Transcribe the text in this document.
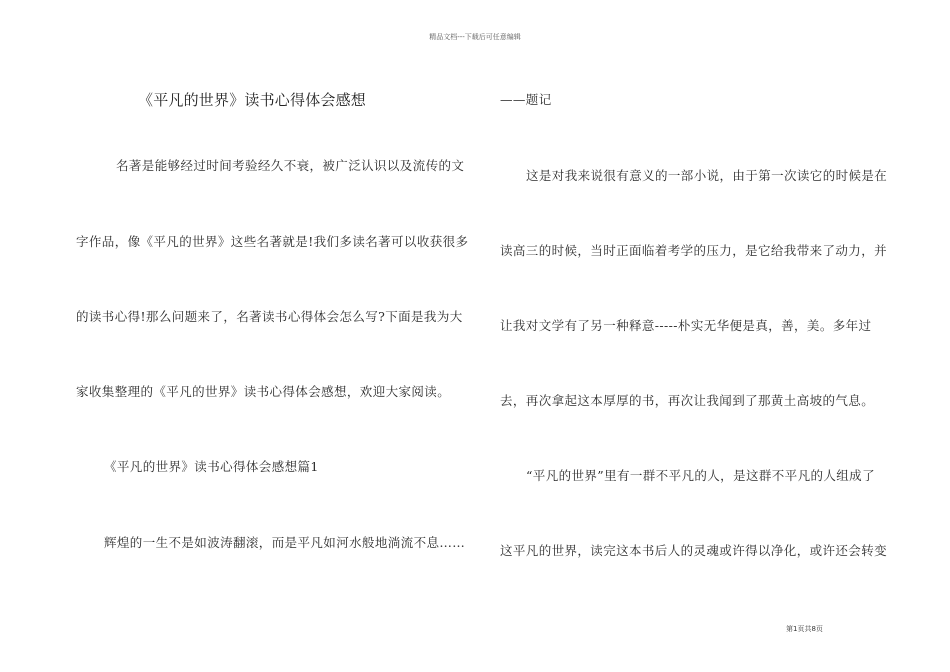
精品文档---下载后可任意编辑
《平凡的世界》读书心得体会感想
名著是能够经过时间考验经久不衰，被广泛认识以及流传的文
字作品，像《平凡的世界》这些名著就是!我们多读名著可以收获很多
的读书心得!那么问题来了，名著读书心得体会怎么写?下面是我为大
家收集整理的《平凡的世界》读书心得体会感想，欢迎大家阅读。
《平凡的世界》读书心得体会感想篇1
辉煌的一生不是如波涛翻滚，而是平凡如河水般地淌流不息……
——题记
这是对我来说很有意义的一部小说，由于第一次读它的时候是在
读高三的时候，当时正面临着考学的压力，是它给我带来了动力，并
让我对文学有了另一种释意-----朴实无华便是真，善，美。多年过
去，再次拿起这本厚厚的书，再次让我闻到了那黄土高坡的气息。
“平凡的世界”里有一群不平凡的人，是这群不平凡的人组成了
这平凡的世界，读完这本书后人的灵魂或许得以净化，或许还会转变
第1页共8页
